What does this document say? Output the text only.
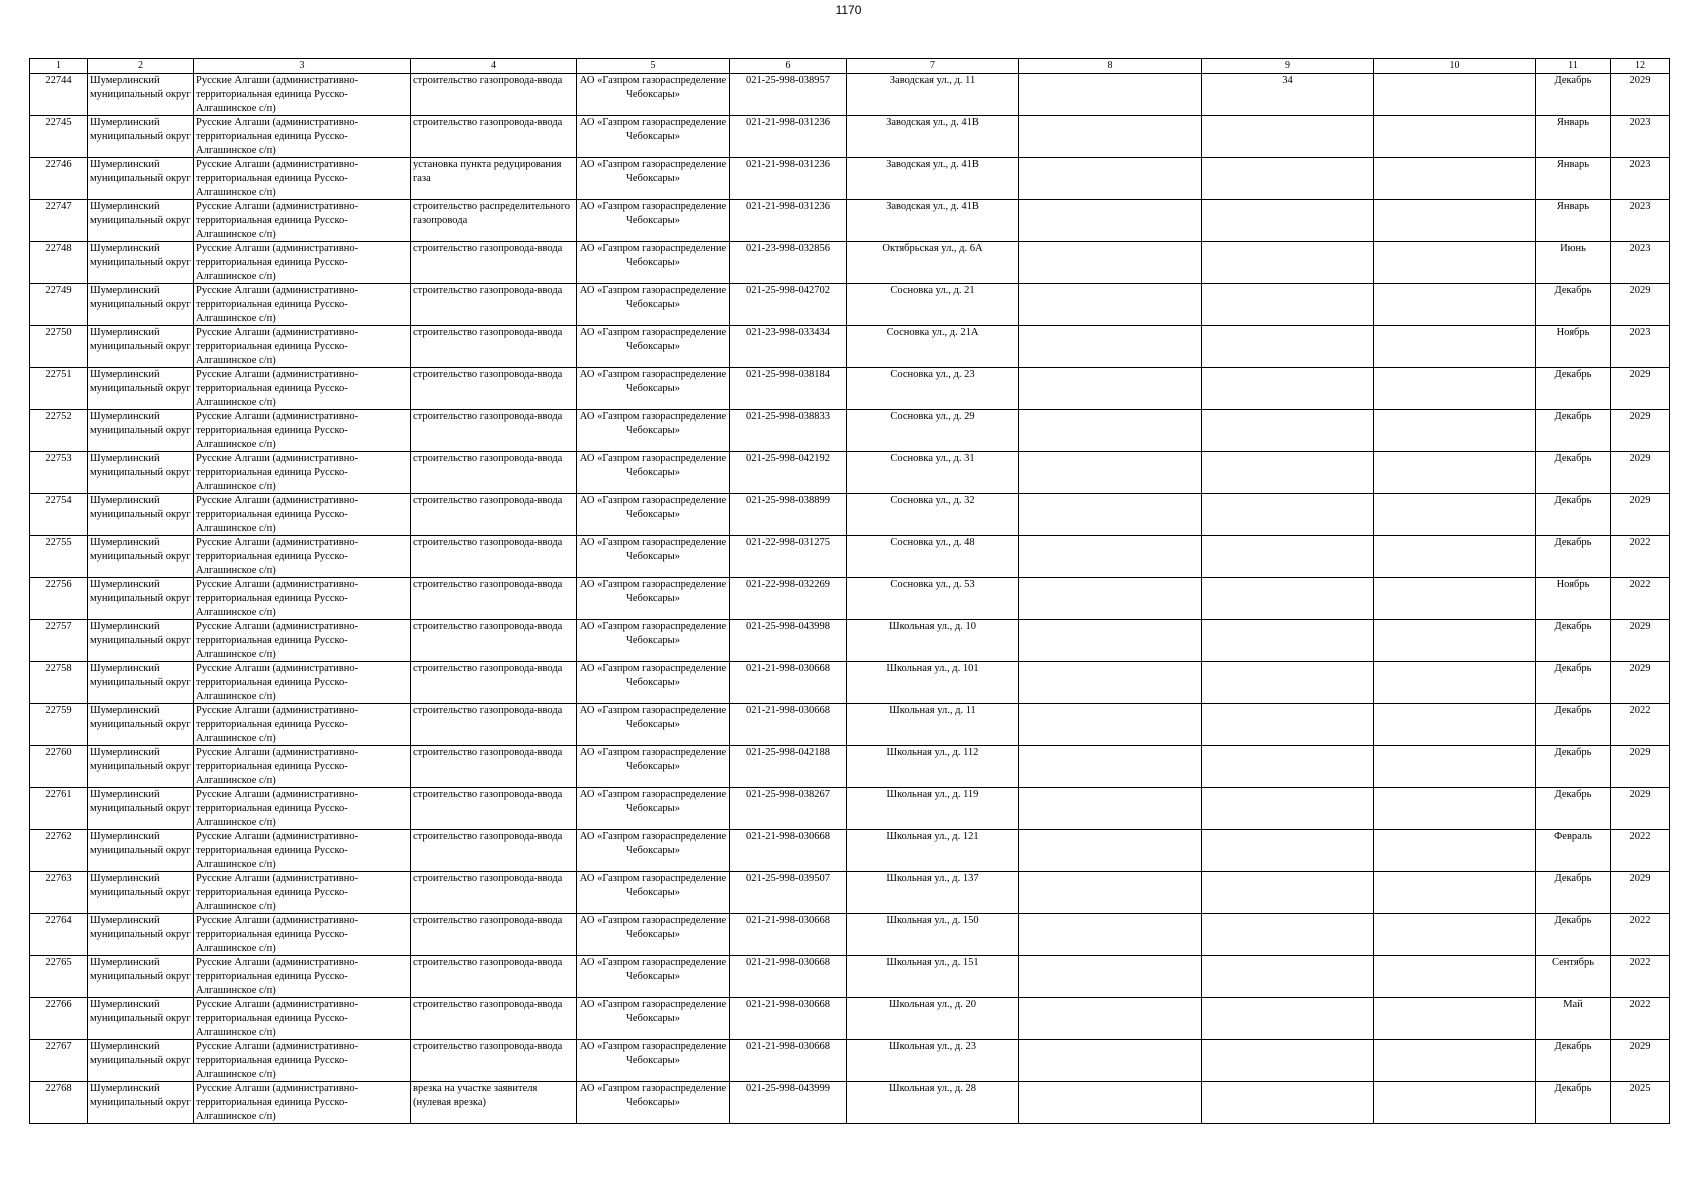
1170
1	2	3	4	5	6	7	8	9	10	11	12

22744	Шумерлинский муниципальный округ	Русские Алгаши (административно-территориальная единица Русско-Алгашинское с/п)	строительство газопровода-ввода	АО «Газпром газораспределение Чебоксары»	021-25-998-038957	Заводская ул., д. 11		34		Декабрь	2029

22745	Шумерлинский муниципальный округ	Русские Алгаши (административно-территориальная единица Русско-Алгашинское с/п)	строительство газопровода-ввода	АО «Газпром газораспределение Чебоксары»	021-21-998-031236	Заводская ул., д. 41В				Январь	2023

22746	Шумерлинский муниципальный округ	Русские Алгаши (административно-территориальная единица Русско-Алгашинское с/п)	установка пункта редуцирования газа	АО «Газпром газораспределение Чебоксары»	021-21-998-031236	Заводская ул., д. 41В				Январь	2023

22747	Шумерлинский муниципальный округ	Русские Алгаши (административно-территориальная единица Русско-Алгашинское с/п)	строительство распределительного газопровода	АО «Газпром газораспределение Чебоксары»	021-21-998-031236	Заводская ул., д. 41В				Январь	2023

22748	Шумерлинский муниципальный округ	Русские Алгаши (административно-территориальная единица Русско-Алгашинское с/п)	строительство газопровода-ввода	АО «Газпром газораспределение Чебоксары»	021-23-998-032856	Октябрьская ул., д. 6А				Июнь	2023

22749	Шумерлинский муниципальный округ	Русские Алгаши (административно-территориальная единица Русско-Алгашинское с/п)	строительство газопровода-ввода	АО «Газпром газораспределение Чебоксары»	021-25-998-042702	Сосновка ул., д. 21				Декабрь	2029

22750	Шумерлинский муниципальный округ	Русские Алгаши (административно-территориальная единица Русско-Алгашинское с/п)	строительство газопровода-ввода	АО «Газпром газораспределение Чебоксары»	021-23-998-033434	Сосновка ул., д. 21А				Ноябрь	2023

22751	Шумерлинский муниципальный округ	Русские Алгаши (административно-территориальная единица Русско-Алгашинское с/п)	строительство газопровода-ввода	АО «Газпром газораспределение Чебоксары»	021-25-998-038184	Сосновка ул., д. 23				Декабрь	2029

22752	Шумерлинский муниципальный округ	Русские Алгаши (административно-территориальная единица Русско-Алгашинское с/п)	строительство газопровода-ввода	АО «Газпром газораспределение Чебоксары»	021-25-998-038833	Сосновка ул., д. 29				Декабрь	2029

22753	Шумерлинский муниципальный округ	Русские Алгаши (административно-территориальная единица Русско-Алгашинское с/п)	строительство газопровода-ввода	АО «Газпром газораспределение Чебоксары»	021-25-998-042192	Сосновка ул., д. 31				Декабрь	2029

22754	Шумерлинский муниципальный округ	Русские Алгаши (административно-территориальная единица Русско-Алгашинское с/п)	строительство газопровода-ввода	АО «Газпром газораспределение Чебоксары»	021-25-998-038899	Сосновка ул., д. 32				Декабрь	2029

22755	Шумерлинский муниципальный округ	Русские Алгаши (административно-территориальная единица Русско-Алгашинское с/п)	строительство газопровода-ввода	АО «Газпром газораспределение Чебоксары»	021-22-998-031275	Сосновка ул., д. 48				Декабрь	2022

22756	Шумерлинский муниципальный округ	Русские Алгаши (административно-территориальная единица Русско-Алгашинское с/п)	строительство газопровода-ввода	АО «Газпром газораспределение Чебоксары»	021-22-998-032269	Сосновка ул., д. 53				Ноябрь	2022

22757	Шумерлинский муниципальный округ	Русские Алгаши (административно-территориальная единица Русско-Алгашинское с/п)	строительство газопровода-ввода	АО «Газпром газораспределение Чебоксары»	021-25-998-043998	Школьная ул., д. 10				Декабрь	2029

22758	Шумерлинский муниципальный округ	Русские Алгаши (административно-территориальная единица Русско-Алгашинское с/п)	строительство газопровода-ввода	АО «Газпром газораспределение Чебоксары»	021-21-998-030668	Школьная ул., д. 101				Декабрь	2029

22759	Шумерлинский муниципальный округ	Русские Алгаши (административно-территориальная единица Русско-Алгашинское с/п)	строительство газопровода-ввода	АО «Газпром газораспределение Чебоксары»	021-21-998-030668	Школьная ул., д. 11				Декабрь	2022

22760	Шумерлинский муниципальный округ	Русские Алгаши (административно-территориальная единица Русско-Алгашинское с/п)	строительство газопровода-ввода	АО «Газпром газораспределение Чебоксары»	021-25-998-042188	Школьная ул., д. 112				Декабрь	2029

22761	Шумерлинский муниципальный округ	Русские Алгаши (административно-территориальная единица Русско-Алгашинское с/п)	строительство газопровода-ввода	АО «Газпром газораспределение Чебоксары»	021-25-998-038267	Школьная ул., д. 119				Декабрь	2029

22762	Шумерлинский муниципальный округ	Русские Алгаши (административно-территориальная единица Русско-Алгашинское с/п)	строительство газопровода-ввода	АО «Газпром газораспределение Чебоксары»	021-21-998-030668	Школьная ул., д. 121				Февраль	2022

22763	Шумерлинский муниципальный округ	Русские Алгаши (административно-территориальная единица Русско-Алгашинское с/п)	строительство газопровода-ввода	АО «Газпром газораспределение Чебоксары»	021-25-998-039507	Школьная ул., д. 137				Декабрь	2029

22764	Шумерлинский муниципальный округ	Русские Алгаши (административно-территориальная единица Русско-Алгашинское с/п)	строительство газопровода-ввода	АО «Газпром газораспределение Чебоксары»	021-21-998-030668	Школьная ул., д. 150				Декабрь	2022

22765	Шумерлинский муниципальный округ	Русские Алгаши (административно-территориальная единица Русско-Алгашинское с/п)	строительство газопровода-ввода	АО «Газпром газораспределение Чебоксары»	021-21-998-030668	Школьная ул., д. 151				Сентябрь	2022

22766	Шумерлинский муниципальный округ	Русские Алгаши (административно-территориальная единица Русско-Алгашинское с/п)	строительство газопровода-ввода	АО «Газпром газораспределение Чебоксары»	021-21-998-030668	Школьная ул., д. 20				Май	2022

22767	Шумерлинский муниципальный округ	Русские Алгаши (административно-территориальная единица Русско-Алгашинское с/п)	строительство газопровода-ввода	АО «Газпром газораспределение Чебоксары»	021-21-998-030668	Школьная ул., д. 23				Декабрь	2029

22768	Шумерлинский муниципальный округ	Русские Алгаши (административно-территориальная единица Русско-Алгашинское с/п)	врезка на участке заявителя (нулевая врезка)	АО «Газпром газораспределение Чебоксары»	021-25-998-043999	Школьная ул., д. 28				Декабрь	2025
